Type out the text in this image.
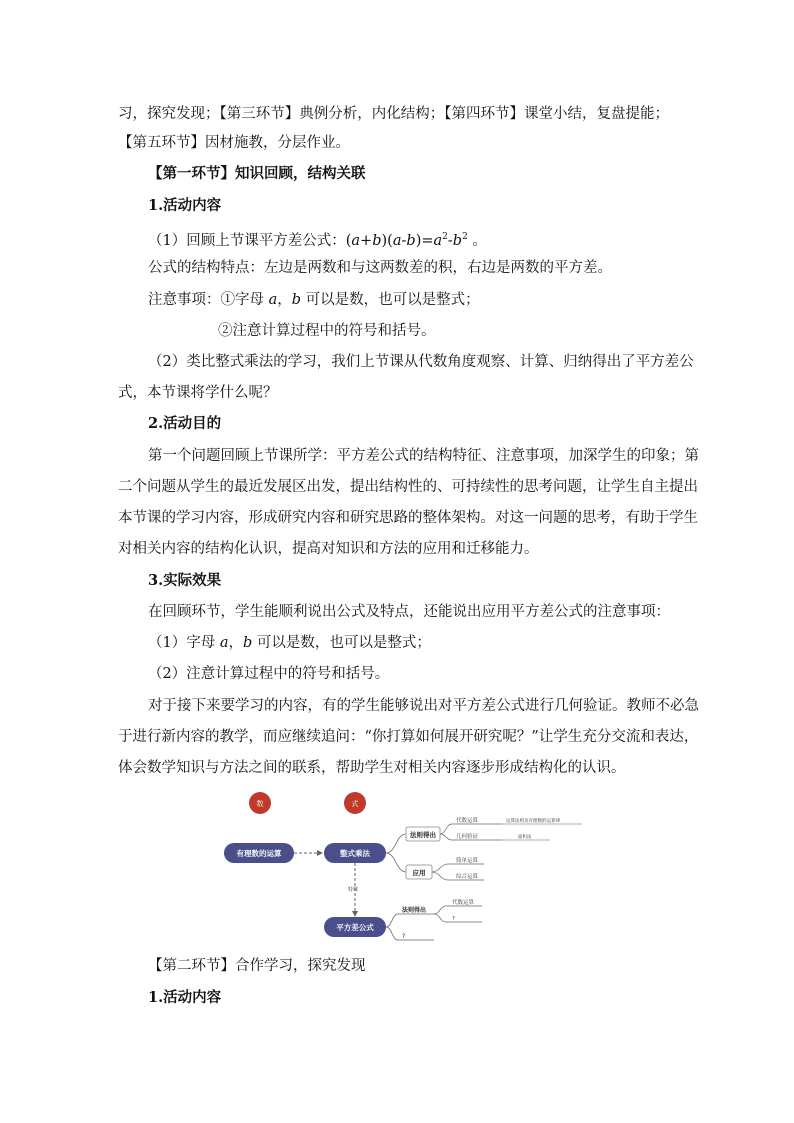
习，探究发现；【第三环节】典例分析，内化结构；【第四环节】课堂小结，复盘提能；
【第五环节】因材施教，分层作业。
【第一环节】知识回顾，结构关联
1.活动内容
（1）回顾上节课平方差公式：$(a+b)(a-b)=a^2-b^2$ 。
公式的结构特点：左边是两数和与这两数差的积，右边是两数的平方差。
注意事项：①字母 a，b 可以是数，也可以是整式；
②注意计算过程中的符号和括号。
（2）类比整式乘法的学习，我们上节课从代数角度观察、计算、归纳得出了平方差公
式，本节课将学什么呢？
2.活动目的
第一个问题回顾上节课所学：平方差公式的结构特征、注意事项，加深学生的印象；第
二个问题从学生的最近发展区出发，提出结构性的、可持续性的思考问题，让学生自主提出
本节课的学习内容，形成研究内容和研究思路的整体架构。对这一问题的思考，有助于学生
对相关内容的结构化认识，提高对知识和方法的应用和迁移能力。
3.实际效果
在回顾环节，学生能顺利说出公式及特点，还能说出应用平方差公式的注意事项：
（1）字母 a，b 可以是数，也可以是整式；
（2）注意计算过程中的符号和括号。
对于接下来要学习的内容，有的学生能够说出对平方差公式进行几何验证。教师不必急
于进行新内容的教学，而应继续追问：“你打算如何展开研究呢？”让学生充分交流和表达，
体会数学知识与方法之间的联系，帮助学生对相关内容逐步形成结构化的认识。
数	式
有理数的运算	整式乘法
法则得出
应用
代数运算
几何验证
运算法则及有理数的运算律
面积法
简单运算
综合运算
特殊
平方差公式
法则得出
?
代数运算
?
【第二环节】合作学习，探究发现
1.活动内容
